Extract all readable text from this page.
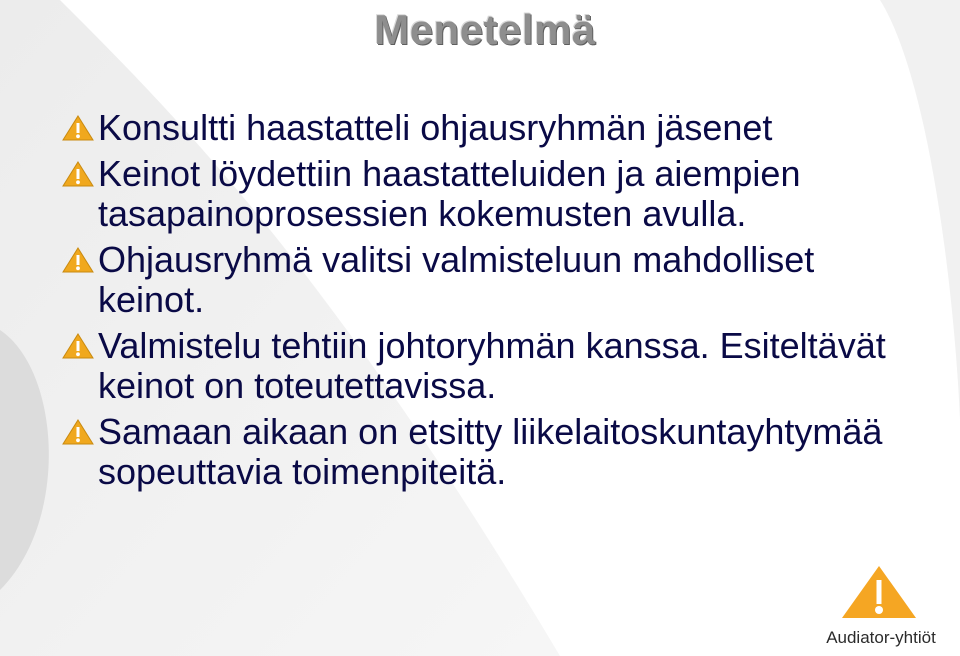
Menetelmä
Konsultti haastatteli ohjausryhmän jäsenet
Keinot löydettiin haastatteluiden ja aiempien tasapainoprosessien kokemusten avulla.
Ohjausryhmä valitsi valmisteluun mahdolliset keinot.
Valmistelu tehtiin johtoryhmän kanssa. Esiteltävät keinot on toteutettavissa.
Samaan aikaan on etsitty liikelaitoskuntayhtymää sopeuttavia toimenpiteitä.
Audiator-yhtiöt
